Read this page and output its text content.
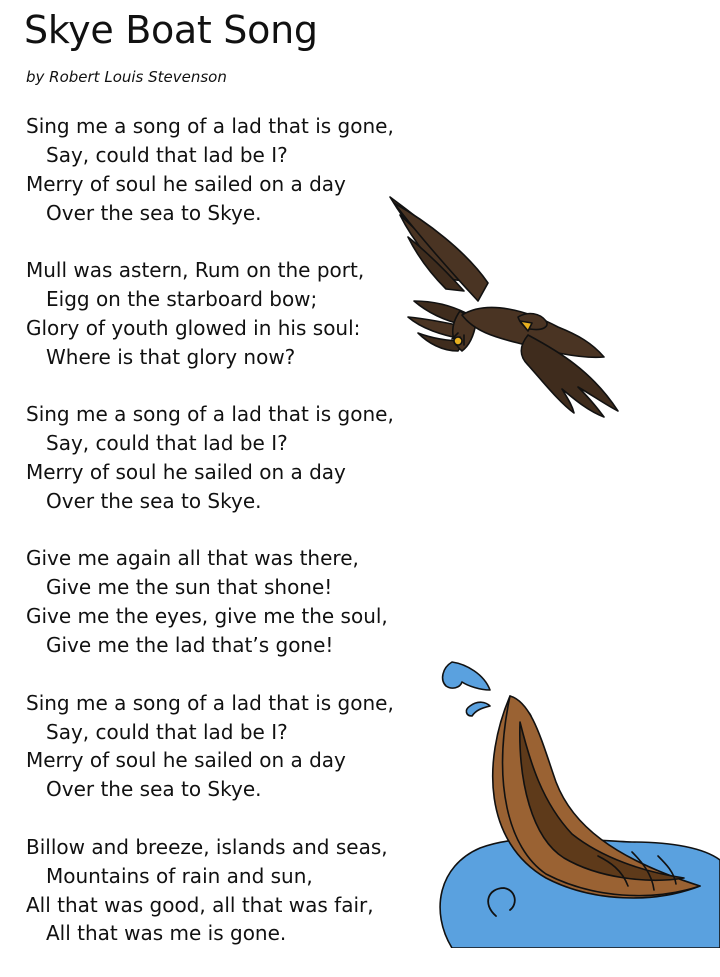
Skye Boat Song

by Robert Louis Stevenson

Sing me a song of a lad that is gone,
Say, could that lad be I?
Merry of soul he sailed on a day
Over the sea to Skye.
Mull was astern, Rum on the port,
Eigg on the starboard bow;
Glory of youth glowed in his soul:
Where is that glory now?
Sing me a song of a lad that is gone,
Say, could that lad be I?
Merry of soul he sailed on a day
Over the sea to Skye.
Give me again all that was there,
Give me the sun that shone!
Give me the eyes, give me the soul,
Give me the lad that’s gone!
Sing me a song of a lad that is gone,
Say, could that lad be I?
Merry of soul he sailed on a day
Over the sea to Skye.
Billow and breeze, islands and seas,
Mountains of rain and sun,
All that was good, all that was fair,
All that was me is gone.
